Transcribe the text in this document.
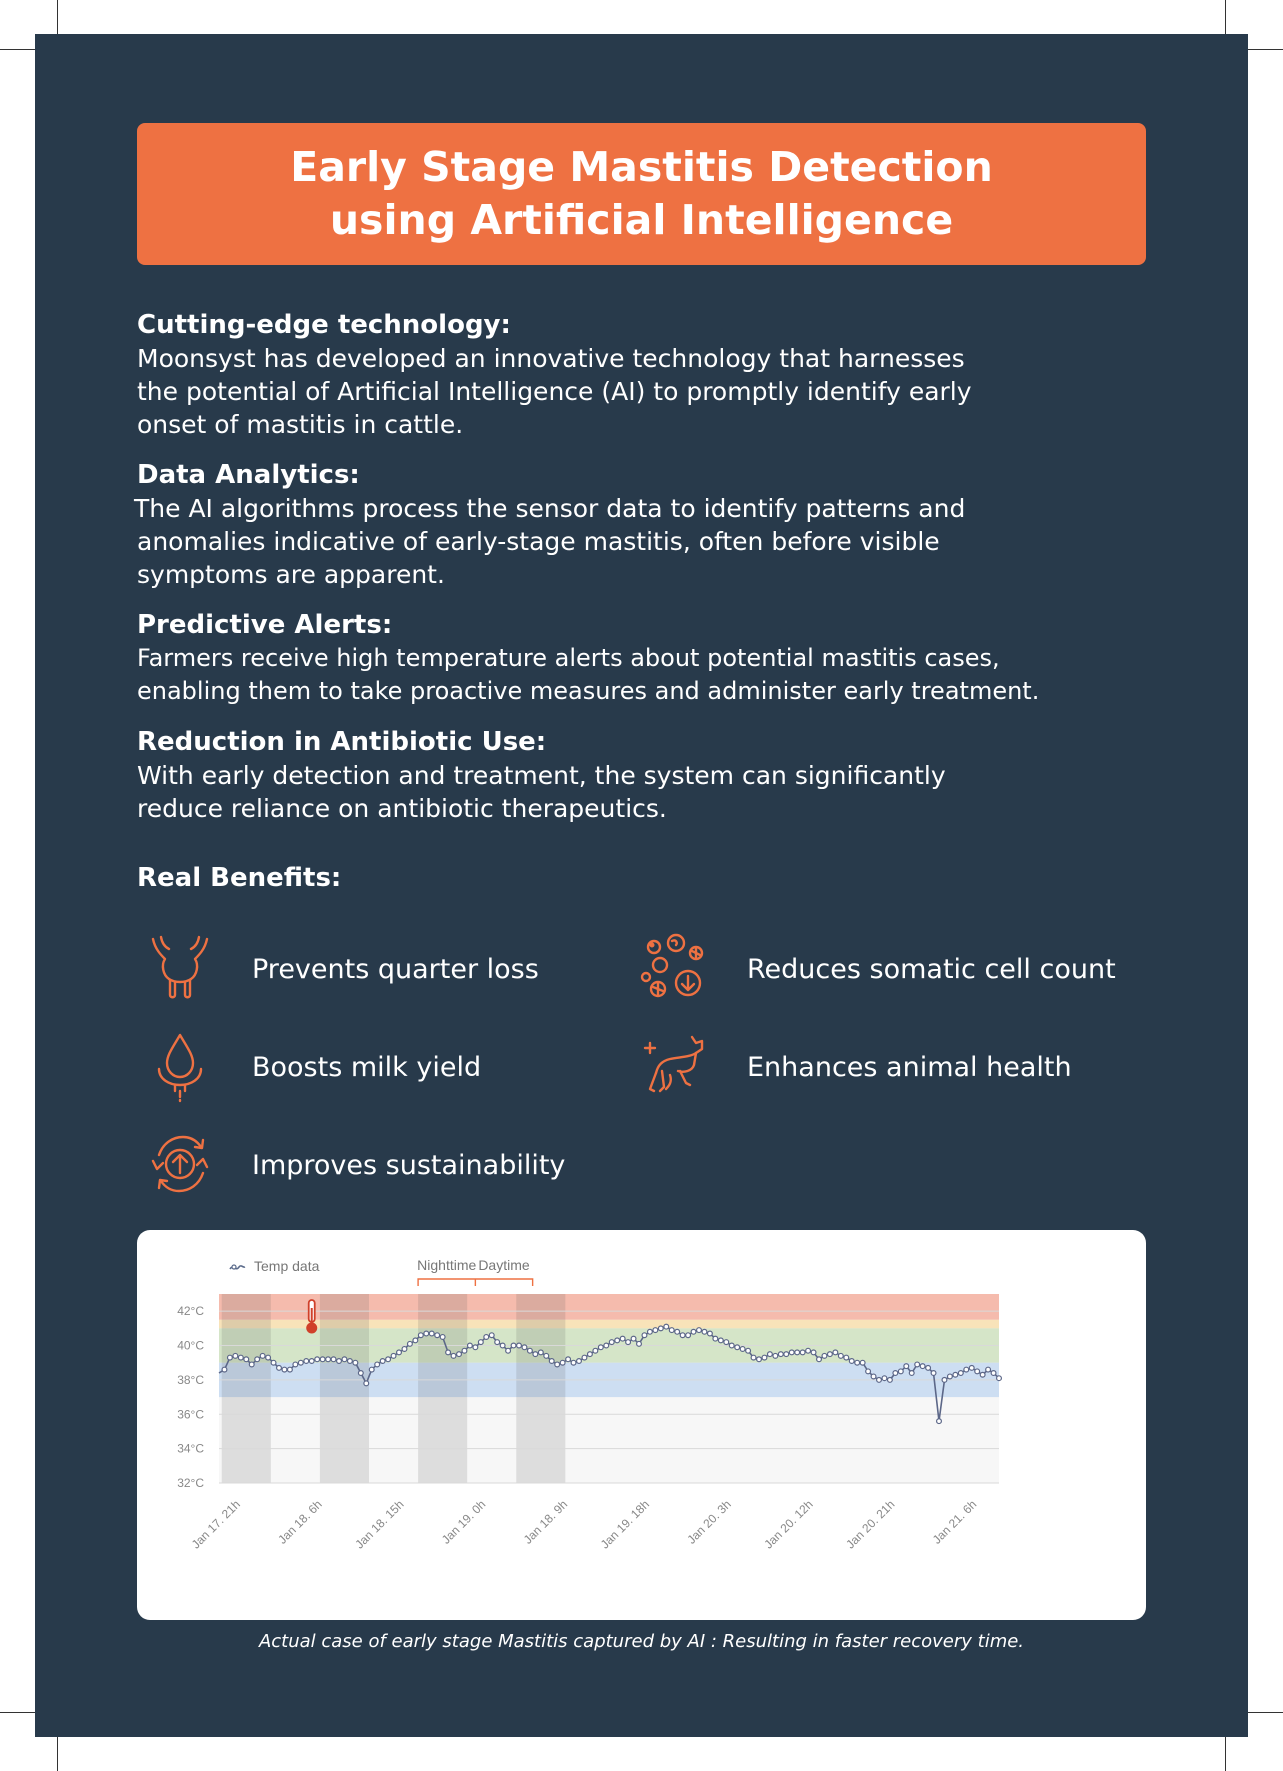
Early Stage Mastitis Detection
using Artificial Intelligence
Cutting-edge technology:

Moonsyst has developed an innovative technology that harnesses

the potential of Artificial Intelligence (AI) to promptly identify early

onset of mastitis in cattle.

Data Analytics:

The AI algorithms process the sensor data to identify patterns and

anomalies indicative of early-stage mastitis, often before visible

symptoms are apparent.

Predictive Alerts:

Farmers receive high temperature alerts about potential mastitis cases,

enabling them to take proactive measures and administer early treatment.

Reduction in Antibiotic Use:

With early detection and treatment, the system can significantly

reduce reliance on antibiotic therapeutics.

Real Benefits:
Prevents quarter loss	Reduces somatic cell count
Boosts milk yield	Enhances animal health
Improves sustainability
Temp data	Nighttime Daytime
32°C
34°C
36°C
38°C
40°C
42°C
Jan 17. 21h	Jan 18. 6h Jan 18. 15h	Jan 19. 0h	Jan 18. 9h Jan 19. 18h	Jan 20. 3h Jan 20. 12h Jan 20. 21h	Jan 21. 6h
Actual case of early stage Mastitis captured by AI : Resulting in faster recovery time.
